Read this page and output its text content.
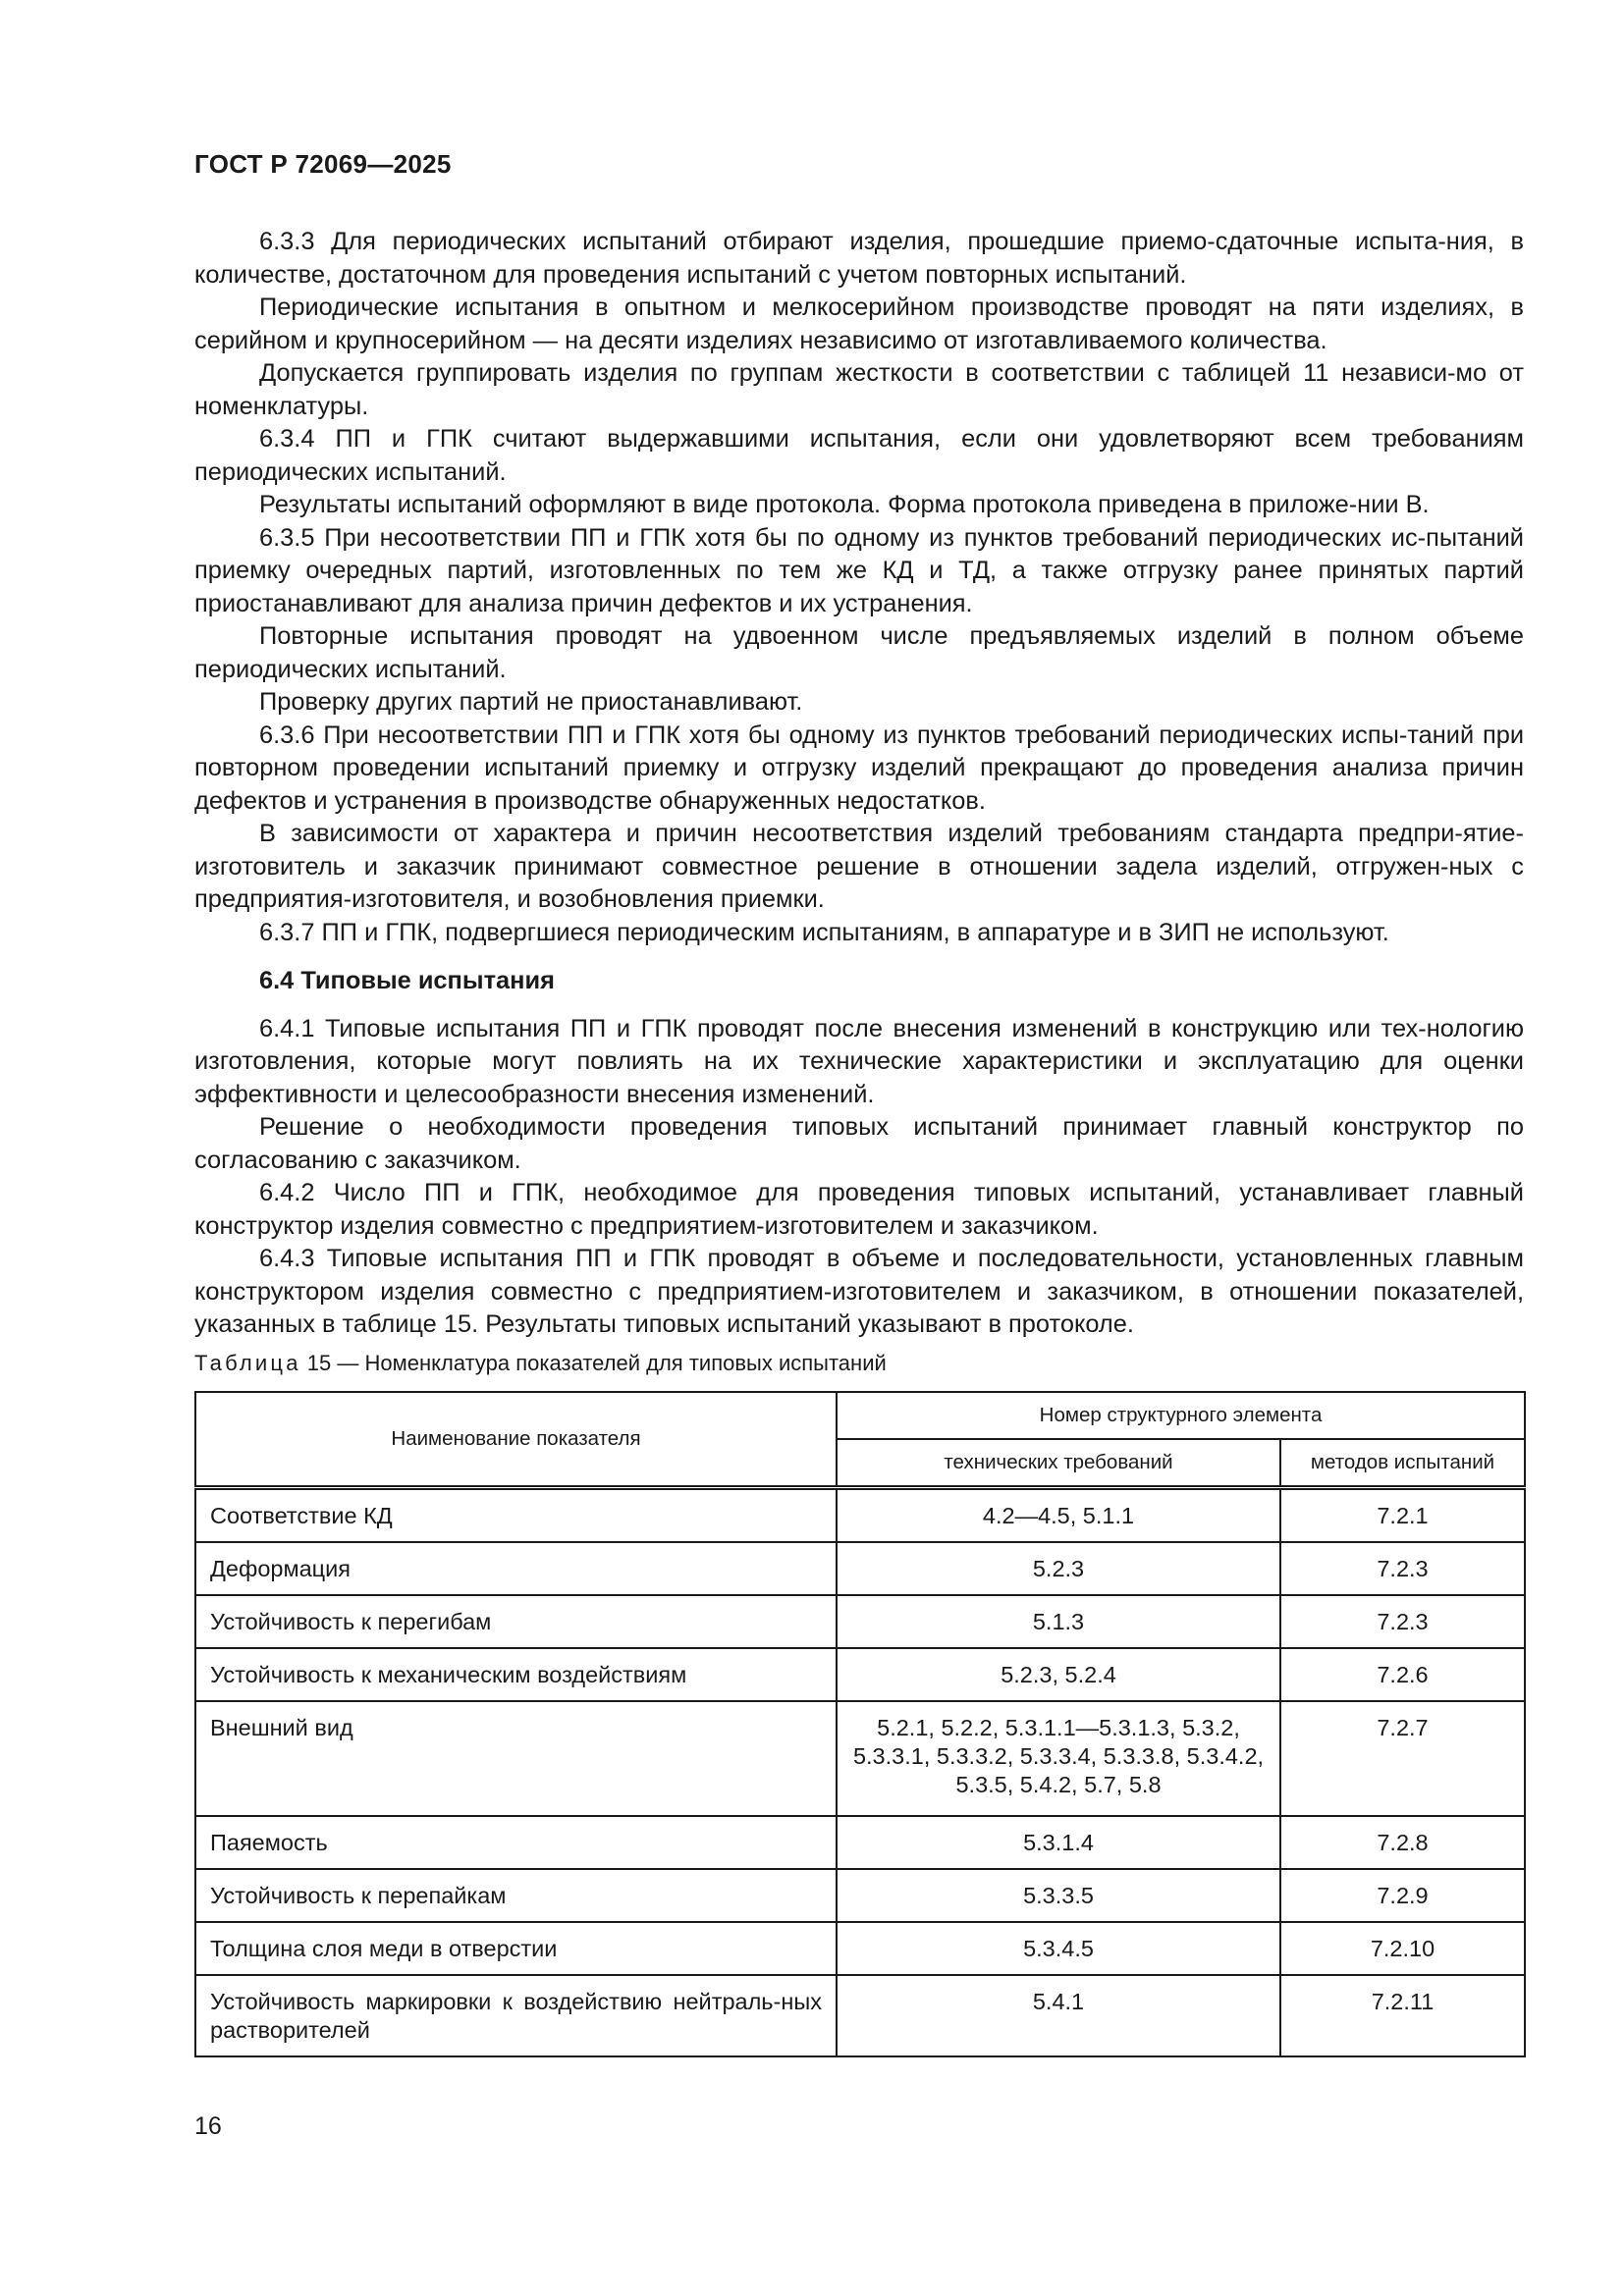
ГОСТ Р 72069—2025

6.3.3 Для периодических испытаний отбирают изделия, прошедшие приемо-сдаточные испыта-ния, в количестве, достаточном для проведения испытаний с учетом повторных испытаний.

Периодические испытания в опытном и мелкосерийном производстве проводят на пяти изделиях, в серийном и крупносерийном — на десяти изделиях независимо от изготавливаемого количества.

Допускается группировать изделия по группам жесткости в соответствии с таблицей 11 независи-мо от номенклатуры.

6.3.4 ПП и ГПК считают выдержавшими испытания, если они удовлетворяют всем требованиям периодических испытаний.

Результаты испытаний оформляют в виде протокола. Форма протокола приведена в приложе-нии В.

6.3.5 При несоответствии ПП и ГПК хотя бы по одному из пунктов требований периодических ис-пытаний приемку очередных партий, изготовленных по тем же КД и ТД, а также отгрузку ранее принятых партий приостанавливают для анализа причин дефектов и их устранения.

Повторные испытания проводят на удвоенном числе предъявляемых изделий в полном объеме периодических испытаний.

Проверку других партий не приостанавливают.

6.3.6 При несоответствии ПП и ГПК хотя бы одному из пунктов требований периодических испы-таний при повторном проведении испытаний приемку и отгрузку изделий прекращают до проведения анализа причин дефектов и устранения в производстве обнаруженных недостатков.

В зависимости от характера и причин несоответствия изделий требованиям стандарта предпри-ятие-изготовитель и заказчик принимают совместное решение в отношении задела изделий, отгружен-ных с предприятия-изготовителя, и возобновления приемки.

6.3.7 ПП и ГПК, подвергшиеся периодическим испытаниям, в аппаратуре и в ЗИП не используют.

6.4 Типовые испытания

6.4.1 Типовые испытания ПП и ГПК проводят после внесения изменений в конструкцию или тех-нологию изготовления, которые могут повлиять на их технические характеристики и эксплуатацию для оценки эффективности и целесообразности внесения изменений.

Решение о необходимости проведения типовых испытаний принимает главный конструктор по согласованию с заказчиком.

6.4.2 Число ПП и ГПК, необходимое для проведения типовых испытаний, устанавливает главный конструктор изделия совместно с предприятием-изготовителем и заказчиком.

6.4.3 Типовые испытания ПП и ГПК проводят в объеме и последовательности, установленных главным конструктором изделия совместно с предприятием-изготовителем и заказчиком, в отношении показателей, указанных в таблице 15. Результаты типовых испытаний указывают в протоколе.

Таблица 15 — Номенклатура показателей для типовых испытаний
Наименование показателя	Номер структурного элемента	
	технических требований	методов испытаний
Соответствие КД	4.2—4.5, 5.1.1	7.2.1
Деформация	5.2.3	7.2.3
Устойчивость к перегибам	5.1.3	7.2.3
Устойчивость к механическим воздействиям	5.2.3, 5.2.4	7.2.6
Внешний вид	5.2.1, 5.2.2, 5.3.1.1—5.3.1.3, 5.3.2, 5.3.3.1, 5.3.3.2, 5.3.3.4, 5.3.3.8, 5.3.4.2, 5.3.5, 5.4.2, 5.7, 5.8	7.2.7
Паяемость	5.3.1.4	7.2.8
Устойчивость к перепайкам	5.3.3.5	7.2.9
Толщина слоя меди в отверстии	5.3.4.5	7.2.10
Устойчивость маркировки к воздействию нейтраль-ных растворителей	5.4.1	7.2.11
16
